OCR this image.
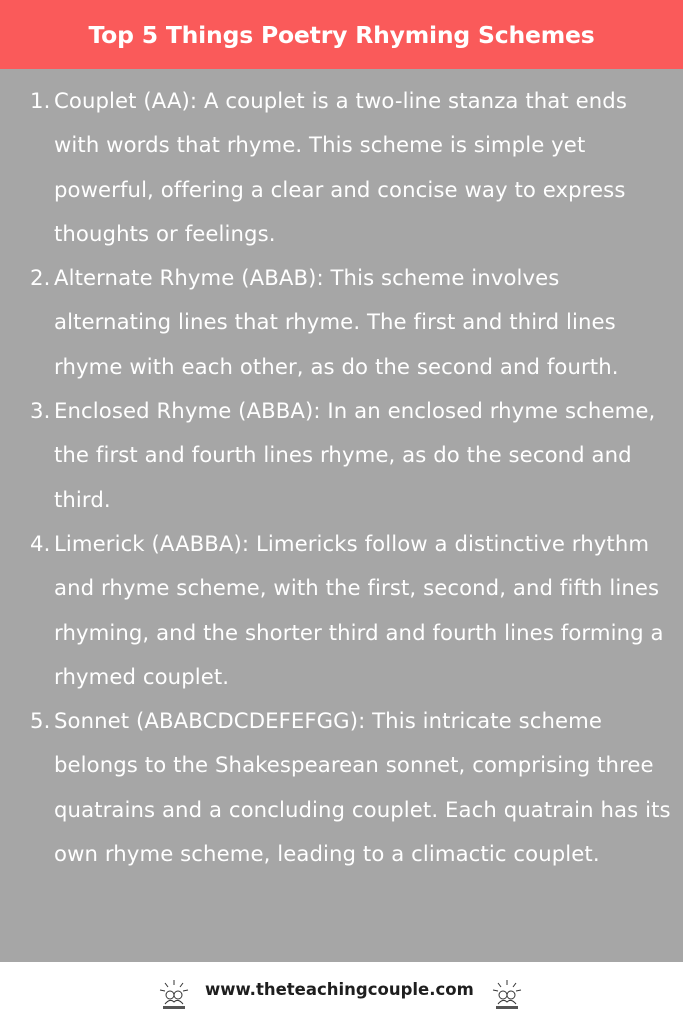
Top 5 Things Poetry Rhyming Schemes
1. Couplet (AA): A couplet is a two-line stanza that ends with words that rhyme. This scheme is simple yet powerful, offering a clear and concise way to express thoughts or feelings.
2. Alternate Rhyme (ABAB): This scheme involves alternating lines that rhyme. The first and third lines rhyme with each other, as do the second and fourth.
3. Enclosed Rhyme (ABBA): In an enclosed rhyme scheme, the first and fourth lines rhyme, as do the second and third.
4. Limerick (AABBA): Limericks follow a distinctive rhythm and rhyme scheme, with the first, second, and fifth lines rhyming, and the shorter third and fourth lines forming a rhymed couplet.
5. Sonnet (ABABCDCDEFEFGG): This intricate scheme belongs to the Shakespearean sonnet, comprising three quatrains and a concluding couplet. Each quatrain has its own rhyme scheme, leading to a climactic couplet.
www.theteachingcouple.com
